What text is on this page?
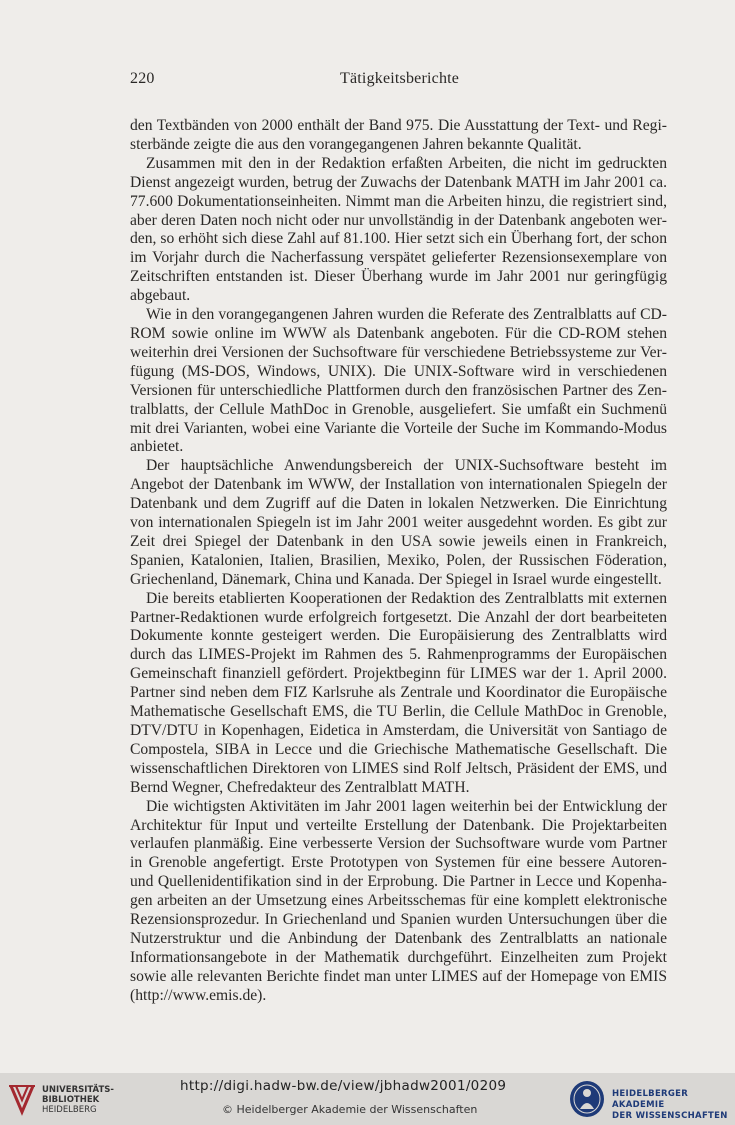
220	Tätigkeitsberichte

den Textbänden von 2000 enthält der Band 975. Die Ausstattung der Text- und Registerbände zeigte die aus den vorangegangenen Jahren bekannte Qualität.

Zusammen mit den in der Redaktion erfaßten Arbeiten, die nicht im gedruckten Dienst angezeigt wurden, betrug der Zuwachs der Datenbank MATH im Jahr 2001 ca. 77.600 Dokumentationseinheiten. Nimmt man die Arbeiten hinzu, die registriert sind, aber deren Daten noch nicht oder nur unvollständig in der Datenbank angeboten werden, so erhöht sich diese Zahl auf 81.100. Hier setzt sich ein Überhang fort, der schon im Vorjahr durch die Nacherfassung verspätet gelieferter Rezensionsexemplare von Zeitschriften entstanden ist. Dieser Überhang wurde im Jahr 2001 nur geringfügig abgebaut.

Wie in den vorangegangenen Jahren wurden die Referate des Zentralblatts auf CD-ROM sowie online im WWW als Datenbank angeboten. Für die CD-ROM stehen weiterhin drei Versionen der Suchsoftware für verschiedene Betriebssysteme zur Verfügung (MS-DOS, Windows, UNIX). Die UNIX-Software wird in verschiedenen Versionen für unterschiedliche Plattformen durch den französischen Partner des Zentralblatts, der Cellule MathDoc in Grenoble, ausgeliefert. Sie umfaßt ein Suchmenü mit drei Varianten, wobei eine Variante die Vorteile der Suche im Kommando-Modus anbietet.

Der hauptsächliche Anwendungsbereich der UNIX-Suchsoftware besteht im Angebot der Datenbank im WWW, der Installation von internationalen Spiegeln der Datenbank und dem Zugriff auf die Daten in lokalen Netzwerken. Die Einrichtung von internationalen Spiegeln ist im Jahr 2001 weiter ausgedehnt worden. Es gibt zur Zeit drei Spiegel der Datenbank in den USA sowie jeweils einen in Frankreich, Spanien, Katalonien, Italien, Brasilien, Mexiko, Polen, der Russischen Föderation, Griechenland, Dänemark, China und Kanada. Der Spiegel in Israel wurde eingestellt.

Die bereits etablierten Kooperationen der Redaktion des Zentralblatts mit externen Partner-Redaktionen wurde erfolgreich fortgesetzt. Die Anzahl der dort bearbeiteten Dokumente konnte gesteigert werden. Die Europäisierung des Zentralblatts wird durch das LIMES-Projekt im Rahmen des 5. Rahmenprogramms der Europäischen Gemeinschaft finanziell gefördert. Projektbeginn für LIMES war der 1. April 2000. Partner sind neben dem FIZ Karlsruhe als Zentrale und Koordinator die Europäische Mathematische Gesellschaft EMS, die TU Berlin, die Cellule MathDoc in Grenoble, DTV/DTU in Kopenhagen, Eidetica in Amsterdam, die Universität von Santiago de Compostela, SIBA in Lecce und die Griechische Mathematische Gesellschaft. Die wissenschaftlichen Direktoren von LIMES sind Rolf Jeltsch, Präsident der EMS, und Bernd Wegner, Chefredakteur des Zentralblatt MATH.

Die wichtigsten Aktivitäten im Jahr 2001 lagen weiterhin bei der Entwicklung der Architektur für Input und verteilte Erstellung der Datenbank. Die Projektarbeiten verlaufen planmäßig. Eine verbesserte Version der Suchsoftware wurde vom Partner in Grenoble angefertigt. Erste Prototypen von Systemen für eine bessere Autoren- und Quellenidentifikation sind in der Erprobung. Die Partner in Lecce und Kopenhagen arbeiten an der Umsetzung eines Arbeitsschemas für eine komplett elektronische Rezensionsprozedur. In Griechenland und Spanien wurden Untersuchungen über die Nutzerstruktur und die Anbindung der Datenbank des Zentralblatts an nationale Informationsangebote in der Mathematik durchgeführt. Einzelheiten zum Projekt sowie alle relevanten Berichte findet man unter LIMES auf der Homepage von EMIS (http://www.emis.de).

UNIVERSITÄTS-
BIBLIOTHEK
HEIDELBERG
http://digi.hadw-bw.de/view/jbhadw2001/0209
© Heidelberger Akademie der Wissenschaften
HEIDELBERGER AKADEMIE
DER WISSENSCHAFTEN
